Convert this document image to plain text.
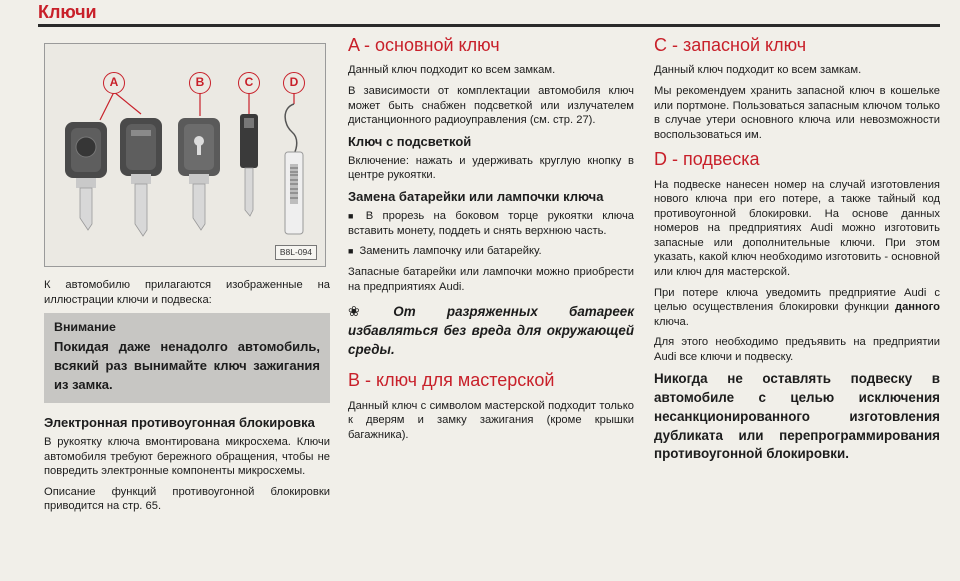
Ключи
A	B	C	D
B8L-094

К автомобилю прилагаются изображенные на иллюстрации ключи и подвеска:

Внимание
Покидая даже ненадолго автомобиль, всякий раз вынимайте ключ зажигания из замка.
Электронная противоугонная блокировка

В рукоятку ключа вмонтирована микросхема. Ключи автомобиля требуют бережного обращения, чтобы не повредить электронные компоненты микросхемы.

Описание функций противоугонной блокировки приводится на стр. 65.

A - основной ключ

Данный ключ подходит ко всем замкам.

В зависимости от комплектации автомобиля ключ может быть снабжен подсветкой или излучателем дистанционного радиоуправления (см. стр. 27).

Ключ с подсветкой

Включение: нажать и удерживать круглую кнопку в центре рукоятки.

Замена батарейки или лампочки ключа

■ В прорезь на боковом торце рукоятки ключа вставить монету, поддеть и снять верхнюю часть.

■ Заменить лампочку или батарейку.

Запасные батарейки или лампочки можно приобрести на предприятиях Audi.

❀ От разряженных батареек избавляться без вреда для окружающей среды.
B - ключ для мастерской

Данный ключ с символом мастерской подходит только к дверям и замку зажигания (кроме крышки багажника).

C - запасной ключ

Данный ключ подходит ко всем замкам.

Мы рекомендуем хранить запасной ключ в кошельке или портмоне. Пользоваться запасным ключом только в случае утери основного ключа или невозможности воспользоваться им.

D - подвеска

На подвеске нанесен номер на случай изготовления нового ключа при его потере, а также тайный код противоугонной блокировки. На основе данных номеров на предприятиях Audi можно изготовить запасные или дополнительные ключи. При этом указать, какой ключ необходимо изготовить - основной или ключ для мастерской.

При потере ключа уведомить предприятие Audi с целью осуществления блокировки функции данного ключа.

Для этого необходимо предъявить на предприятии Audi все ключи и подвеску.

Никогда не оставлять подвеску в автомобиле с целью исключения несанкционированного изготовления дубликата или перепрограммирования противоугонной блокировки.
